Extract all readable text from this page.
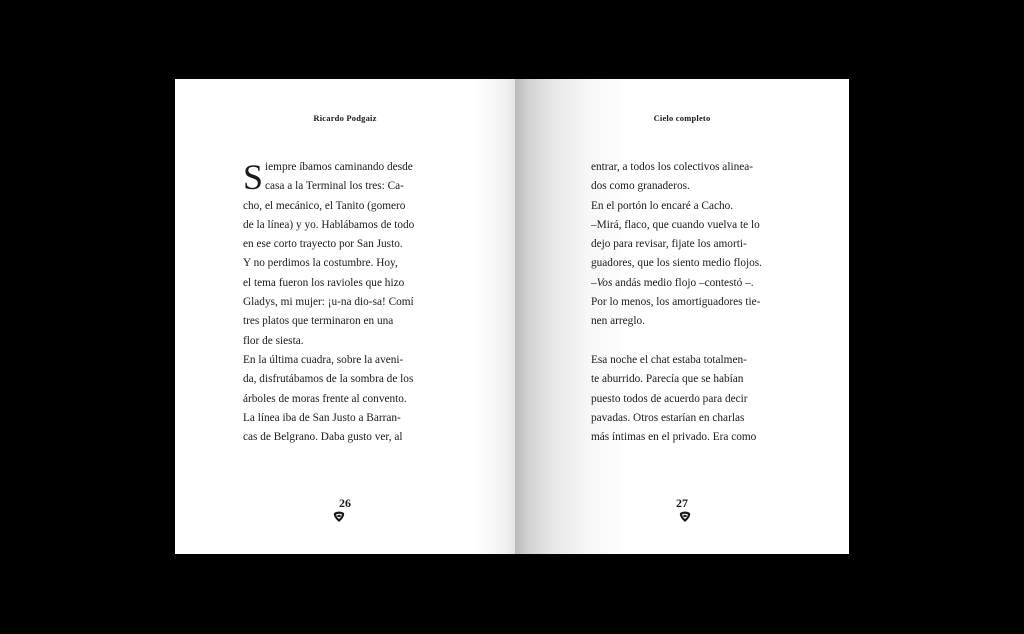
Ricardo Podgaiz
S iempre íbamos caminando desde
casa a la Terminal los tres: Ca-
cho, el mecánico, el Tanito (gomero
de la línea) y yo. Hablábamos de todo
en ese corto trayecto por San Justo.
Y no perdimos la costumbre. Hoy,
el tema fueron los ravioles que hizo
Gladys, mi mujer: ¡u-na dio-sa! Comí
tres platos que terminaron en una
flor de siesta.
En la última cuadra, sobre la aveni-
da, disfrutábamos de la sombra de los
árboles de moras frente al convento.
La línea iba de San Justo a Barran-
cas de Belgrano. Daba gusto ver, al
26
Cielo completo
entrar, a todos los colectivos alinea-
dos como granaderos.
En el portón lo encaré a Cacho.
–Mirá, flaco, que cuando vuelva te lo
dejo para revisar, fijate los amorti-
guadores, que los siento medio flojos.
–Vos andás medio flojo –contestó –.
Por lo menos, los amortiguadores tie-
nen arreglo.
Esa noche el chat estaba totalmen-
te aburrido. Parecía que se habían
puesto todos de acuerdo para decir
pavadas. Otros estarían en charlas
más íntimas en el privado. Era como
27
